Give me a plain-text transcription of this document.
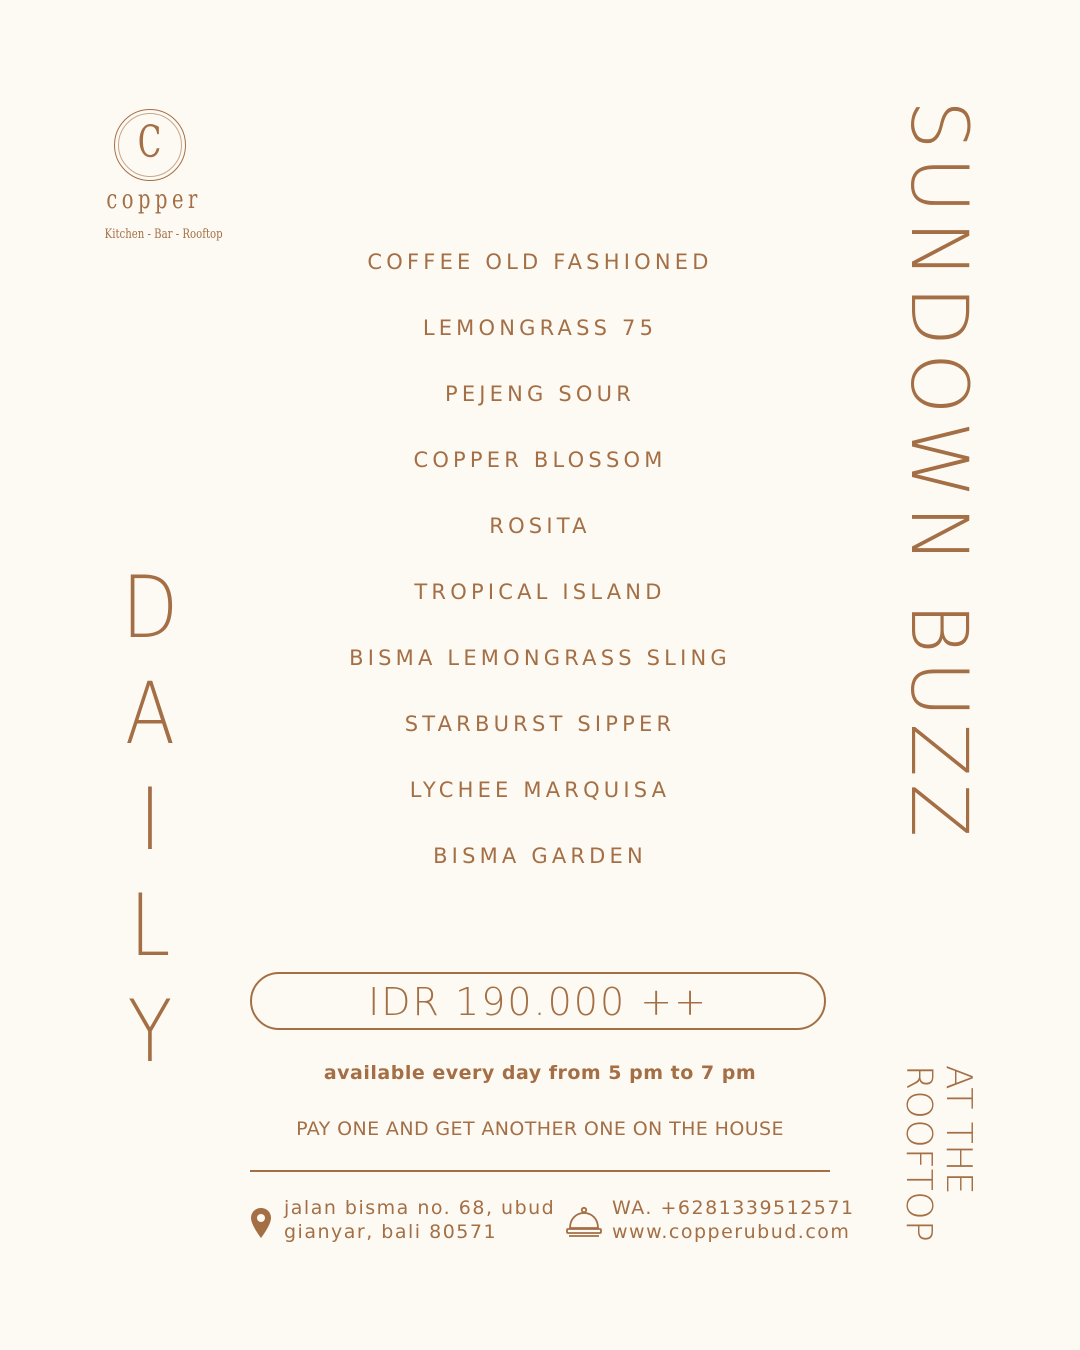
C
copper
Kitchen - Bar - Rooftop
D
A
I
L
Y
COFFEE OLD FASHIONED
LEMONGRASS 75
PEJENG SOUR
COPPER BLOSSOM
ROSITA
TROPICAL ISLAND
BISMA LEMONGRASS SLING
STARBURST SIPPER
LYCHEE MARQUISA
BISMA GARDEN
IDR 190.000 ++
available every day from 5 pm to 7 pm
PAY ONE AND GET ANOTHER ONE ON THE HOUSE
jalan bisma no. 68, ubud
gianyar, bali 80571
WA. +6281339512571
www.copperubud.com
SUNDOWN BUZZ
AT THE
ROOFTOP
